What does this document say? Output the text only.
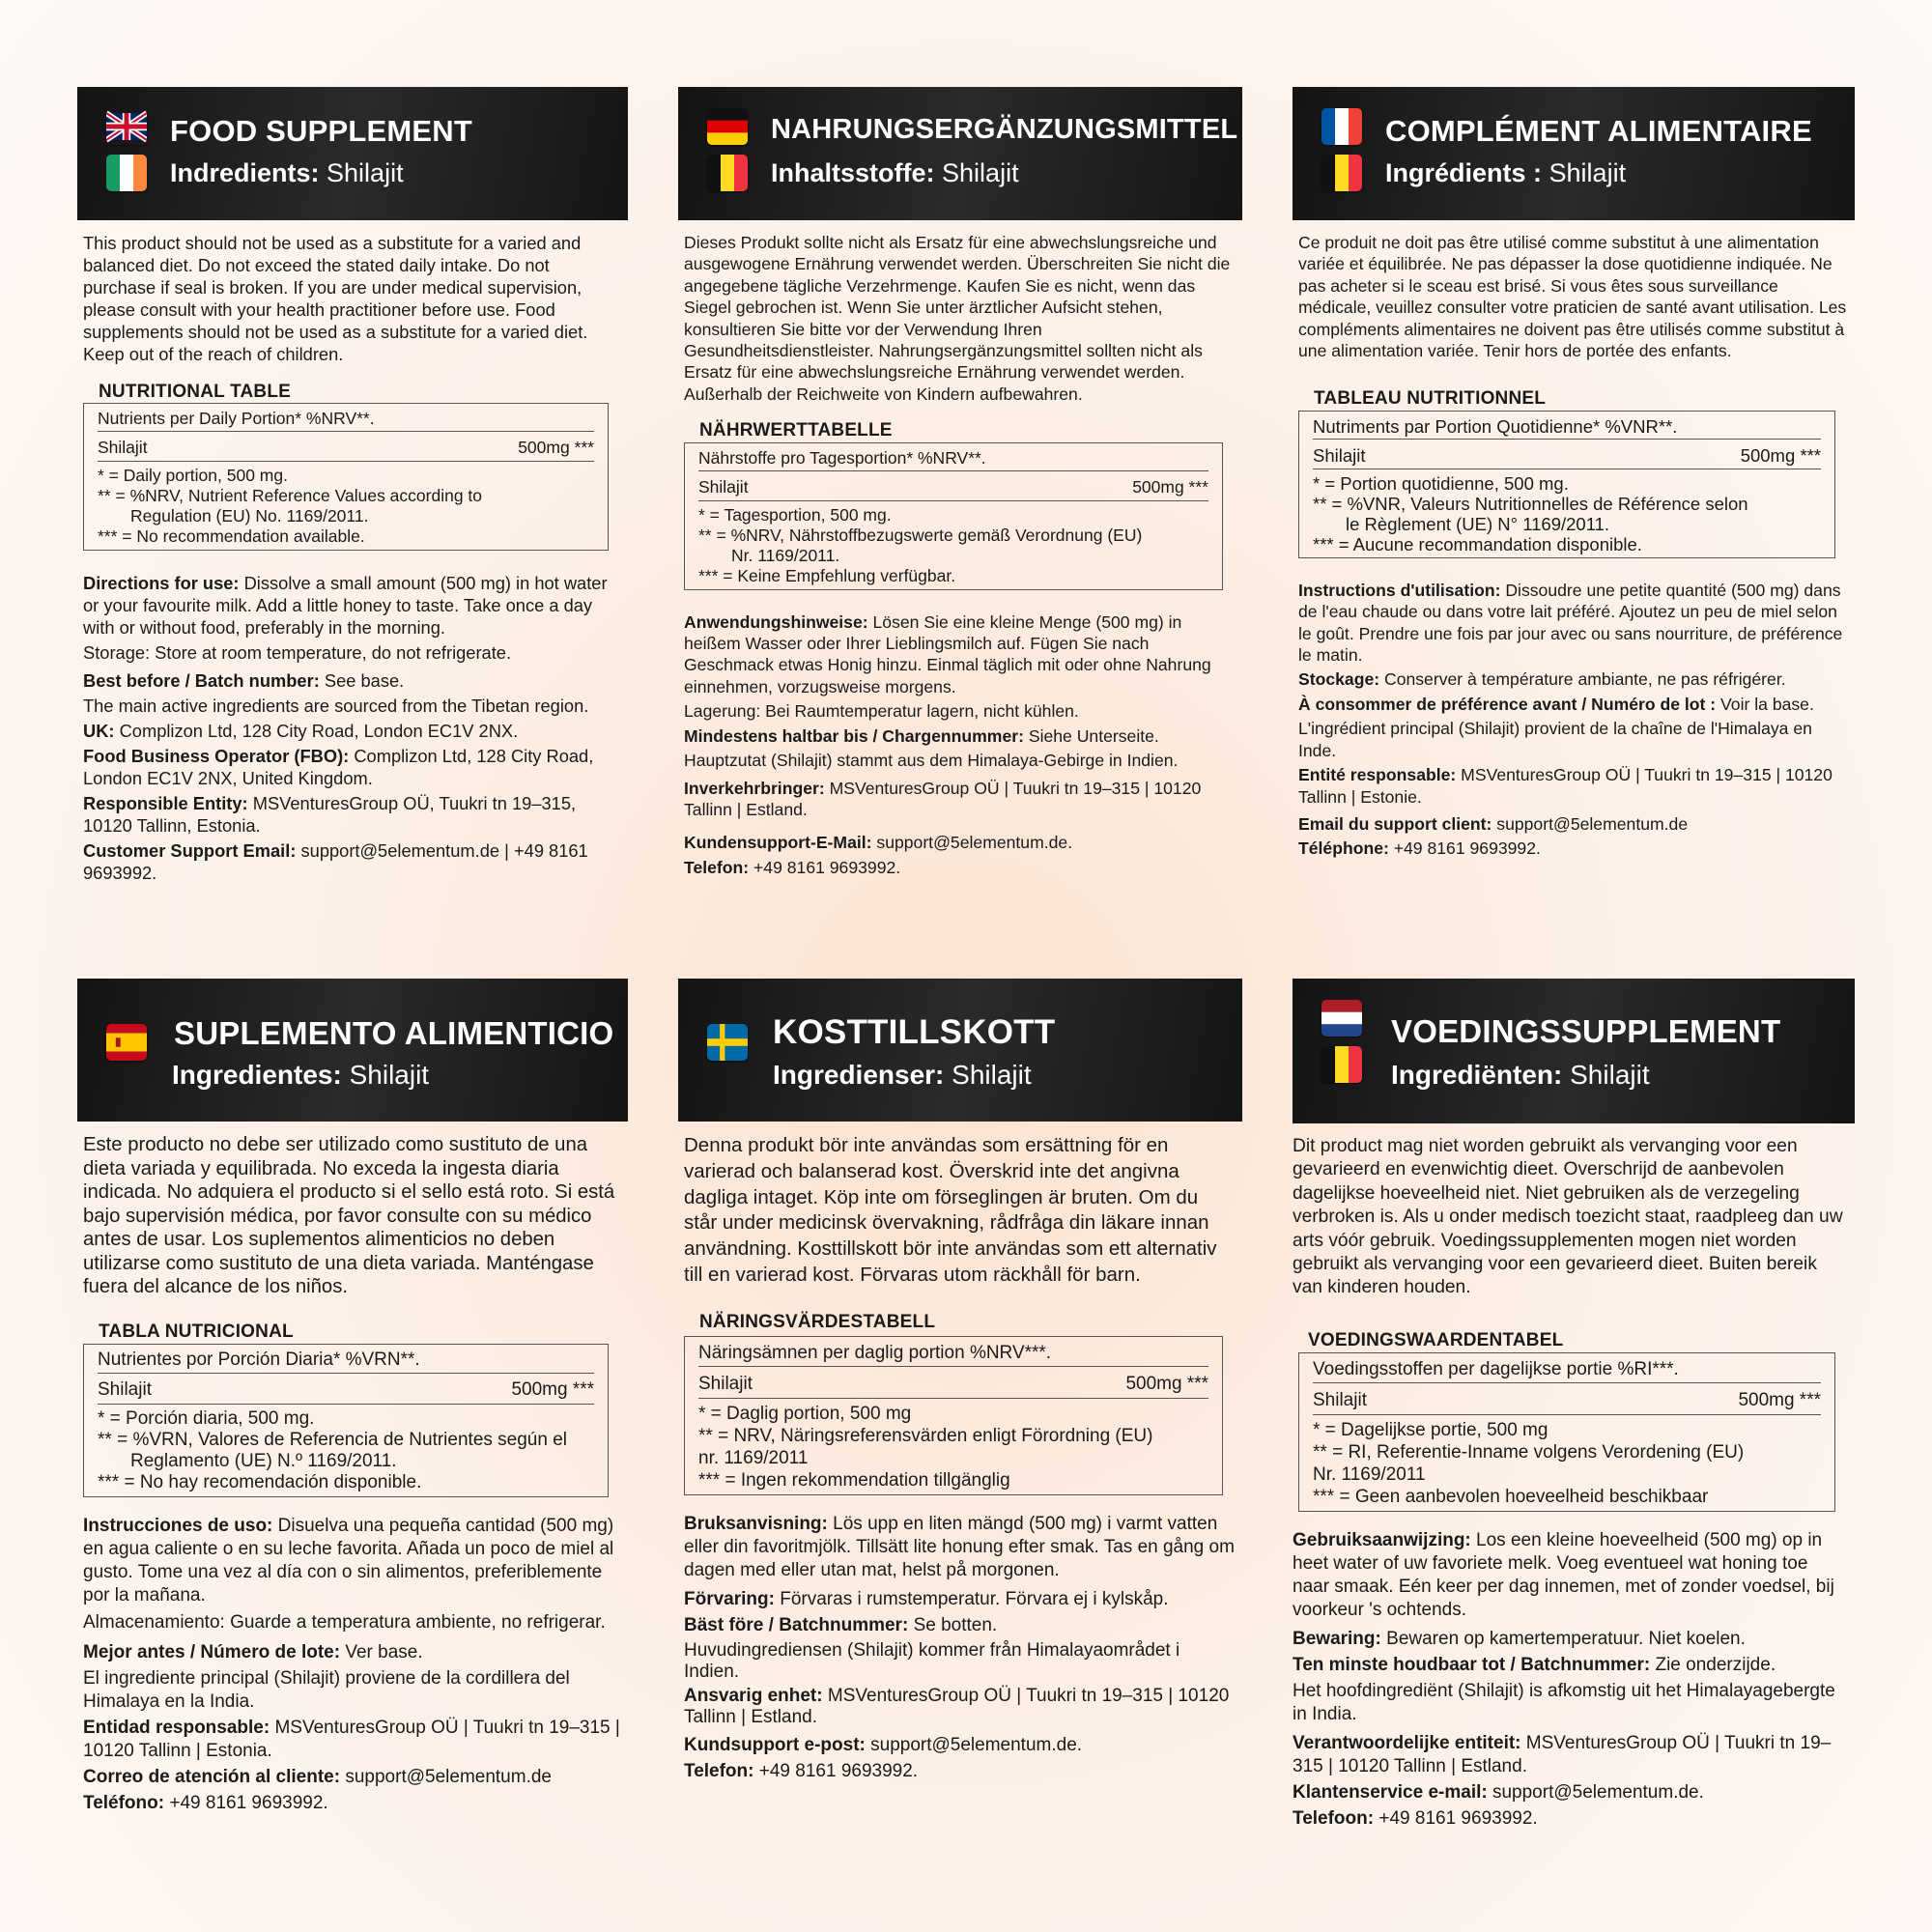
FOOD SUPPLEMENT
Indredients: Shilajit

This product should not be used as a substitute for a varied and balanced diet. Do not exceed the stated daily intake. Do not purchase if seal is broken. If you are under medical supervision, please consult with your health practitioner before use. Food supplements should not be used as a substitute for a varied diet. Keep out of the reach of children.

NUTRITIONAL TABLE
Nutrients per Daily Portion* %NRV**.
Shilajit	500mg ***
* = Daily portion, 500 mg.
** = %NRV, Nutrient Reference Values according to
Regulation (EU) No. 1169/2011.
*** = No recommendation available.

Directions for use: Dissolve a small amount (500 mg) in hot water or your favourite milk. Add a little honey to taste. Take once a day with or without food, preferably in the morning.

Storage: Store at room temperature, do not refrigerate.

Best before / Batch number: See base.

The main active ingredients are sourced from the Tibetan region.

UK: Complizon Ltd, 128 City Road, London EC1V 2NX.

Food Business Operator (FBO): Complizon Ltd, 128 City Road, London EC1V 2NX, United Kingdom.

Responsible Entity: MSVenturesGroup OÜ, Tuukri tn 19–315, 10120 Tallinn, Estonia.

Customer Support Email: support@5elementum.de | +49 8161 9693992.

NAHRUNGSERGÄNZUNGSMITTEL
Inhaltsstoffe: Shilajit

Dieses Produkt sollte nicht als Ersatz für eine abwechslungsreiche und ausgewogene Ernährung verwendet werden. Überschreiten Sie nicht die angegebene tägliche Verzehrmenge. Kaufen Sie es nicht, wenn das Siegel gebrochen ist. Wenn Sie unter ärztlicher Aufsicht stehen, konsultieren Sie bitte vor der Verwendung Ihren Gesundheitsdienstleister. Nahrungsergänzungsmittel sollten nicht als Ersatz für eine abwechslungsreiche Ernährung verwendet werden. Außerhalb der Reichweite von Kindern aufbewahren.

NÄHRWERTTABELLE
Nährstoffe pro Tagesportion* %NRV**.
Shilajit	500mg ***
* = Tagesportion, 500 mg.
** = %NRV, Nährstoffbezugswerte gemäß Verordnung (EU)
Nr. 1169/2011.
*** = Keine Empfehlung verfügbar.

Anwendungshinweise: Lösen Sie eine kleine Menge (500 mg) in heißem Wasser oder Ihrer Lieblingsmilch auf. Fügen Sie nach Geschmack etwas Honig hinzu. Einmal täglich mit oder ohne Nahrung einnehmen, vorzugsweise morgens.

Lagerung: Bei Raumtemperatur lagern, nicht kühlen.

Mindestens haltbar bis / Chargennummer: Siehe Unterseite.

Hauptzutat (Shilajit) stammt aus dem Himalaya-Gebirge in Indien.

Inverkehrbringer: MSVenturesGroup OÜ | Tuukri tn 19–315 | 10120 Tallinn | Estland.

Kundensupport-E-Mail: support@5elementum.de.

Telefon: +49 8161 9693992.

COMPLÉMENT ALIMENTAIRE
Ingrédients : Shilajit

Ce produit ne doit pas être utilisé comme substitut à une alimentation variée et équilibrée. Ne pas dépasser la dose quotidienne indiquée. Ne pas acheter si le sceau est brisé. Si vous êtes sous surveillance médicale, veuillez consulter votre praticien de santé avant utilisation. Les compléments alimentaires ne doivent pas être utilisés comme substitut à une alimentation variée. Tenir hors de portée des enfants.

TABLEAU NUTRITIONNEL
Nutriments par Portion Quotidienne* %VNR**.
Shilajit	500mg ***
* = Portion quotidienne, 500 mg.
** = %VNR, Valeurs Nutritionnelles de Référence selon
le Règlement (UE) N° 1169/2011.
*** = Aucune recommandation disponible.

Instructions d'utilisation: Dissoudre une petite quantité (500 mg) dans de l'eau chaude ou dans votre lait préféré. Ajoutez un peu de miel selon le goût. Prendre une fois par jour avec ou sans nourriture, de préférence le matin.

Stockage: Conserver à température ambiante, ne pas réfrigérer.

À consommer de préférence avant / Numéro de lot : Voir la base.

L'ingrédient principal (Shilajit) provient de la chaîne de l'Himalaya en Inde.

Entité responsable: MSVenturesGroup OÜ | Tuukri tn 19–315 | 10120 Tallinn | Estonie.

Email du support client: support@5elementum.de

Téléphone: +49 8161 9693992.

SUPLEMENTO ALIMENTICIO
Ingredientes: Shilajit

Este producto no debe ser utilizado como sustituto de una dieta variada y equilibrada. No exceda la ingesta diaria indicada. No adquiera el producto si el sello está roto. Si está bajo supervisión médica, por favor consulte con su médico antes de usar. Los suplementos alimenticios no deben utilizarse como sustituto de una dieta variada. Manténgase fuera del alcance de los niños.

TABLA NUTRICIONAL
Nutrientes por Porción Diaria* %VRN**.
Shilajit	500mg ***
* = Porción diaria, 500 mg.
** = %VRN, Valores de Referencia de Nutrientes según el
Reglamento (UE) N.º 1169/2011.
*** = No hay recomendación disponible.

Instrucciones de uso: Disuelva una pequeña cantidad (500 mg) en agua caliente o en su leche favorita. Añada un poco de miel al gusto. Tome una vez al día con o sin alimentos, preferiblemente por la mañana.

Almacenamiento: Guarde a temperatura ambiente, no refrigerar.

Mejor antes / Número de lote: Ver base.

El ingrediente principal (Shilajit) proviene de la cordillera del Himalaya en la India.

Entidad responsable: MSVenturesGroup OÜ | Tuukri tn 19–315 | 10120 Tallinn | Estonia.

Correo de atención al cliente: support@5elementum.de

Teléfono: +49 8161 9693992.

KOSTTILLSKOTT
Ingredienser: Shilajit

Denna produkt bör inte användas som ersättning för en varierad och balanserad kost. Överskrid inte det angivna dagliga intaget. Köp inte om förseglingen är bruten. Om du står under medicinsk övervakning, rådfråga din läkare innan användning. Kosttillskott bör inte användas som ett alternativ till en varierad kost. Förvaras utom räckhåll för barn.

NÄRINGSVÄRDESTABELL
Näringsämnen per daglig portion %NRV***.
Shilajit	500mg ***
* = Daglig portion, 500 mg
** = NRV, Näringsreferensvärden enligt Förordning (EU)
nr. 1169/2011
*** = Ingen rekommendation tillgänglig

Bruksanvisning: Lös upp en liten mängd (500 mg) i varmt vatten eller din favoritmjölk. Tillsätt lite honung efter smak. Tas en gång om dagen med eller utan mat, helst på morgonen.

Förvaring: Förvaras i rumstemperatur. Förvara ej i kylskåp.

Bäst före / Batchnummer: Se botten.

Huvudingrediensen (Shilajit) kommer från Himalayaområdet i Indien.

Ansvarig enhet: MSVenturesGroup OÜ | Tuukri tn 19–315 | 10120 Tallinn | Estland.

Kundsupport e-post: support@5elementum.de.

Telefon: +49 8161 9693992.

VOEDINGSSUPPLEMENT
Ingrediënten: Shilajit

Dit product mag niet worden gebruikt als vervanging voor een gevarieerd en evenwichtig dieet. Overschrijd de aanbevolen dagelijkse hoeveelheid niet. Niet gebruiken als de verzegeling verbroken is. Als u onder medisch toezicht staat, raadpleeg dan uw arts vóór gebruik. Voedingssupplementen mogen niet worden gebruikt als vervanging voor een gevarieerd dieet. Buiten bereik van kinderen houden.

VOEDINGSWAARDENTABEL
Voedingsstoffen per dagelijkse portie %RI***.
Shilajit	500mg ***
* = Dagelijkse portie, 500 mg
** = RI, Referentie-Inname volgens Verordening (EU)
Nr. 1169/2011
*** = Geen aanbevolen hoeveelheid beschikbaar

Gebruiksaanwijzing: Los een kleine hoeveelheid (500 mg) op in heet water of uw favoriete melk. Voeg eventueel wat honing toe naar smaak. Eén keer per dag innemen, met of zonder voedsel, bij voorkeur 's ochtends.

Bewaring: Bewaren op kamertemperatuur. Niet koelen.

Ten minste houdbaar tot / Batchnummer: Zie onderzijde.

Het hoofdingrediënt (Shilajit) is afkomstig uit het Himalayagebergte in India.

Verantwoordelijke entiteit: MSVenturesGroup OÜ | Tuukri tn 19–315 | 10120 Tallinn | Estland.

Klantenservice e-mail: support@5elementum.de.

Telefoon: +49 8161 9693992.
